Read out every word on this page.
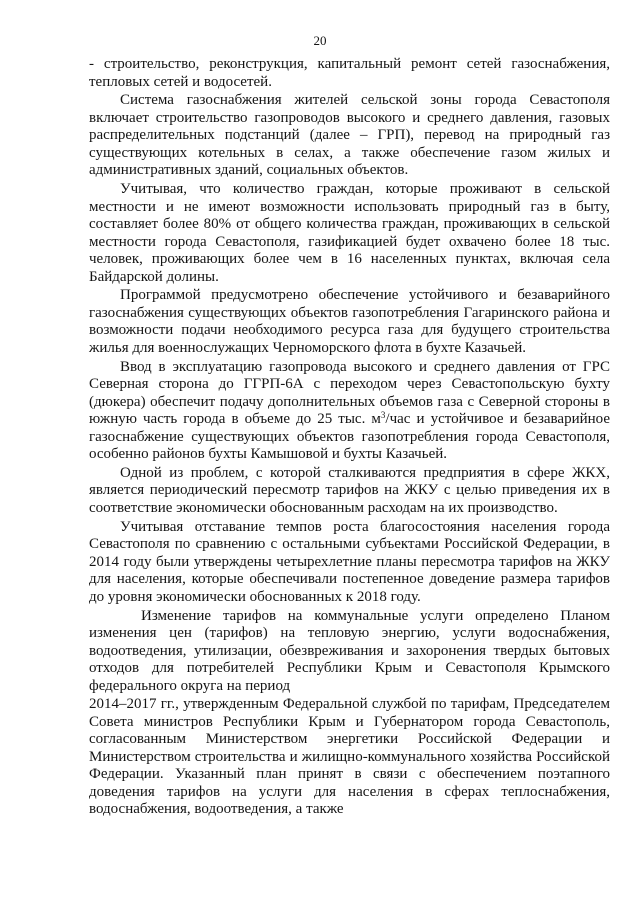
20

- строительство, реконструкция, капитальный ремонт сетей газоснабжения, тепловых сетей и водосетей.

Система газоснабжения жителей сельской зоны города Севастополя включает строительство газопроводов высокого и среднего давления, газовых распределительных подстанций (далее – ГРП), перевод на природный газ существующих котельных в селах, а также обеспечение газом жилых и административных зданий, социальных объектов.

Учитывая, что количество граждан, которые проживают в сельской местности и не имеют возможности использовать природный газ в быту, составляет более 80% от общего количества граждан, проживающих в сельской местности города Севастополя, газификацией будет охвачено более 18 тыс. человек, проживающих более чем в 16 населенных пунктах, включая села Байдарской долины.

Программой предусмотрено обеспечение устойчивого и безаварийного газоснабжения существующих объектов газопотребления Гагаринского района и возможности подачи необходимого ресурса газа для будущего строительства жилья для военнослужащих Черноморского флота в бухте Казачьей.

Ввод в эксплуатацию газопровода высокого и среднего давления от ГРС Северная сторона до ГГРП-6А с переходом через Севастопольскую бухту (дюкера) обеспечит подачу дополнительных объемов газа с Северной стороны в южную часть города в объеме до 25 тыс. $м^3$/час и устойчивое и безаварийное газоснабжение существующих объектов газопотребления города Севастополя, особенно районов бухты Камышовой и бухты Казачьей.

Одной из проблем, с которой сталкиваются предприятия в сфере ЖКХ, является периодический пересмотр тарифов на ЖКУ с целью приведения их в соответствие экономически обоснованным расходам на их производство.

Учитывая отставание темпов роста благосостояния населения города Севастополя по сравнению с остальными субъектами Российской Федерации, в 2014 году были утверждены четырехлетние планы пересмотра тарифов на ЖКУ для населения, которые обеспечивали постепенное доведение размера тарифов до уровня экономически обоснованных к 2018 году.

Изменение тарифов на коммунальные услуги определено Планом изменения цен (тарифов) на тепловую энергию, услуги водоснабжения, водоотведения, утилизации, обезвреживания и захоронения твердых бытовых отходов для потребителей Республики Крым и Севастополя Крымского федерального округа на период

2014–2017 гг., утвержденным Федеральной службой по тарифам, Председателем Совета министров Республики Крым и Губернатором города Севастополь, согласованным Министерством энергетики Российской Федерации и Министерством строительства и жилищно-коммунального хозяйства Российской Федерации. Указанный план принят в связи с обеспечением поэтапного доведения тарифов на услуги для населения в сферах теплоснабжения, водоснабжения, водоотведения, а также
